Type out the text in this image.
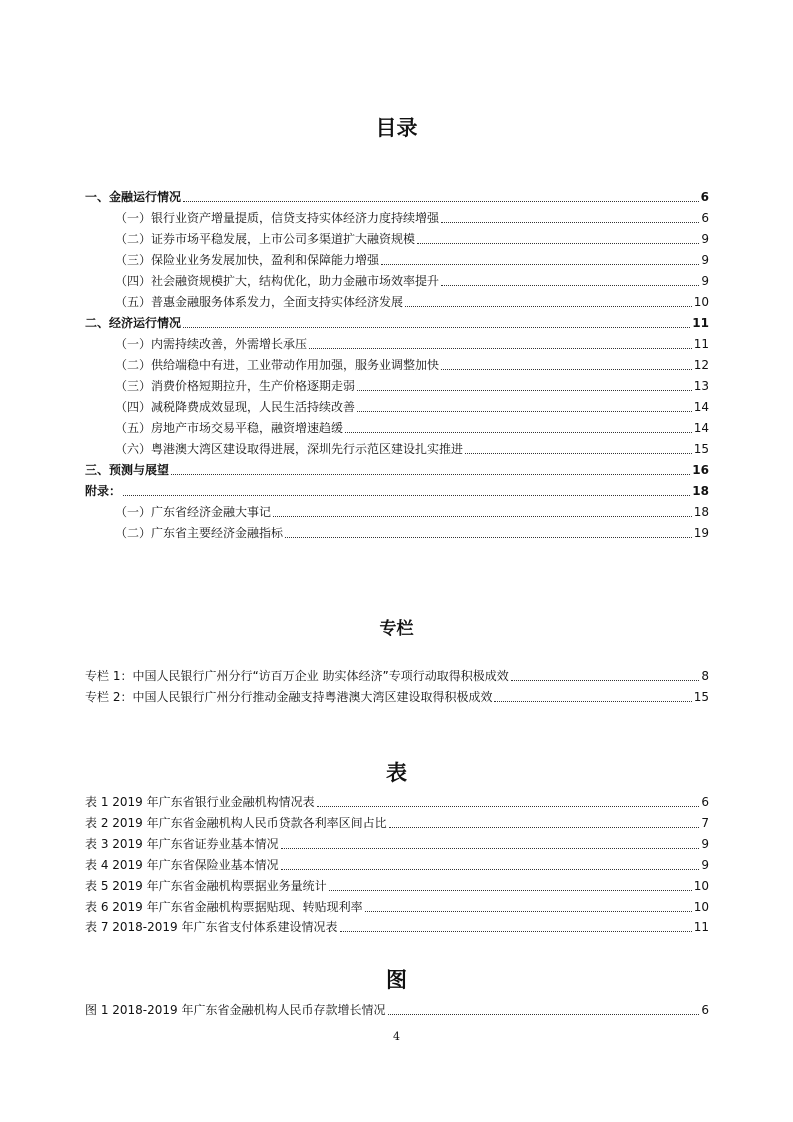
目录
一、金融运行情况	6
（一）银行业资产增量提质，信贷支持实体经济力度持续增强	6
（二）证券市场平稳发展，上市公司多渠道扩大融资规模	9
（三）保险业业务发展加快，盈利和保障能力增强	9
（四）社会融资规模扩大，结构优化，助力金融市场效率提升	9
（五）普惠金融服务体系发力，全面支持实体经济发展	10
二、经济运行情况	11
（一）内需持续改善，外需增长承压	11
（二）供给端稳中有进，工业带动作用加强，服务业调整加快	12
（三）消费价格短期拉升，生产价格逐期走弱	13
（四）减税降费成效显现，人民生活持续改善	14
（五）房地产市场交易平稳，融资增速趋缓	14
（六）粤港澳大湾区建设取得进展，深圳先行示范区建设扎实推进	15
三、预测与展望	16
附录：	18
（一）广东省经济金融大事记	18
（二）广东省主要经济金融指标	19
专栏
专栏 1：中国人民银行广州分行“访百万企业 助实体经济”专项行动取得积极成效	8
专栏 2：中国人民银行广州分行推动金融支持粤港澳大湾区建设取得积极成效	15
表
表 1 2019 年广东省银行业金融机构情况表	6
表 2 2019 年广东省金融机构人民币贷款各利率区间占比	7
表 3 2019 年广东省证券业基本情况	9
表 4 2019 年广东省保险业基本情况	9
表 5 2019 年广东省金融机构票据业务量统计	10
表 6 2019 年广东省金融机构票据贴现、转贴现利率	10
表 7 2018-2019 年广东省支付体系建设情况表	11
图
图 1 2018-2019 年广东省金融机构人民币存款增长情况	6
4
